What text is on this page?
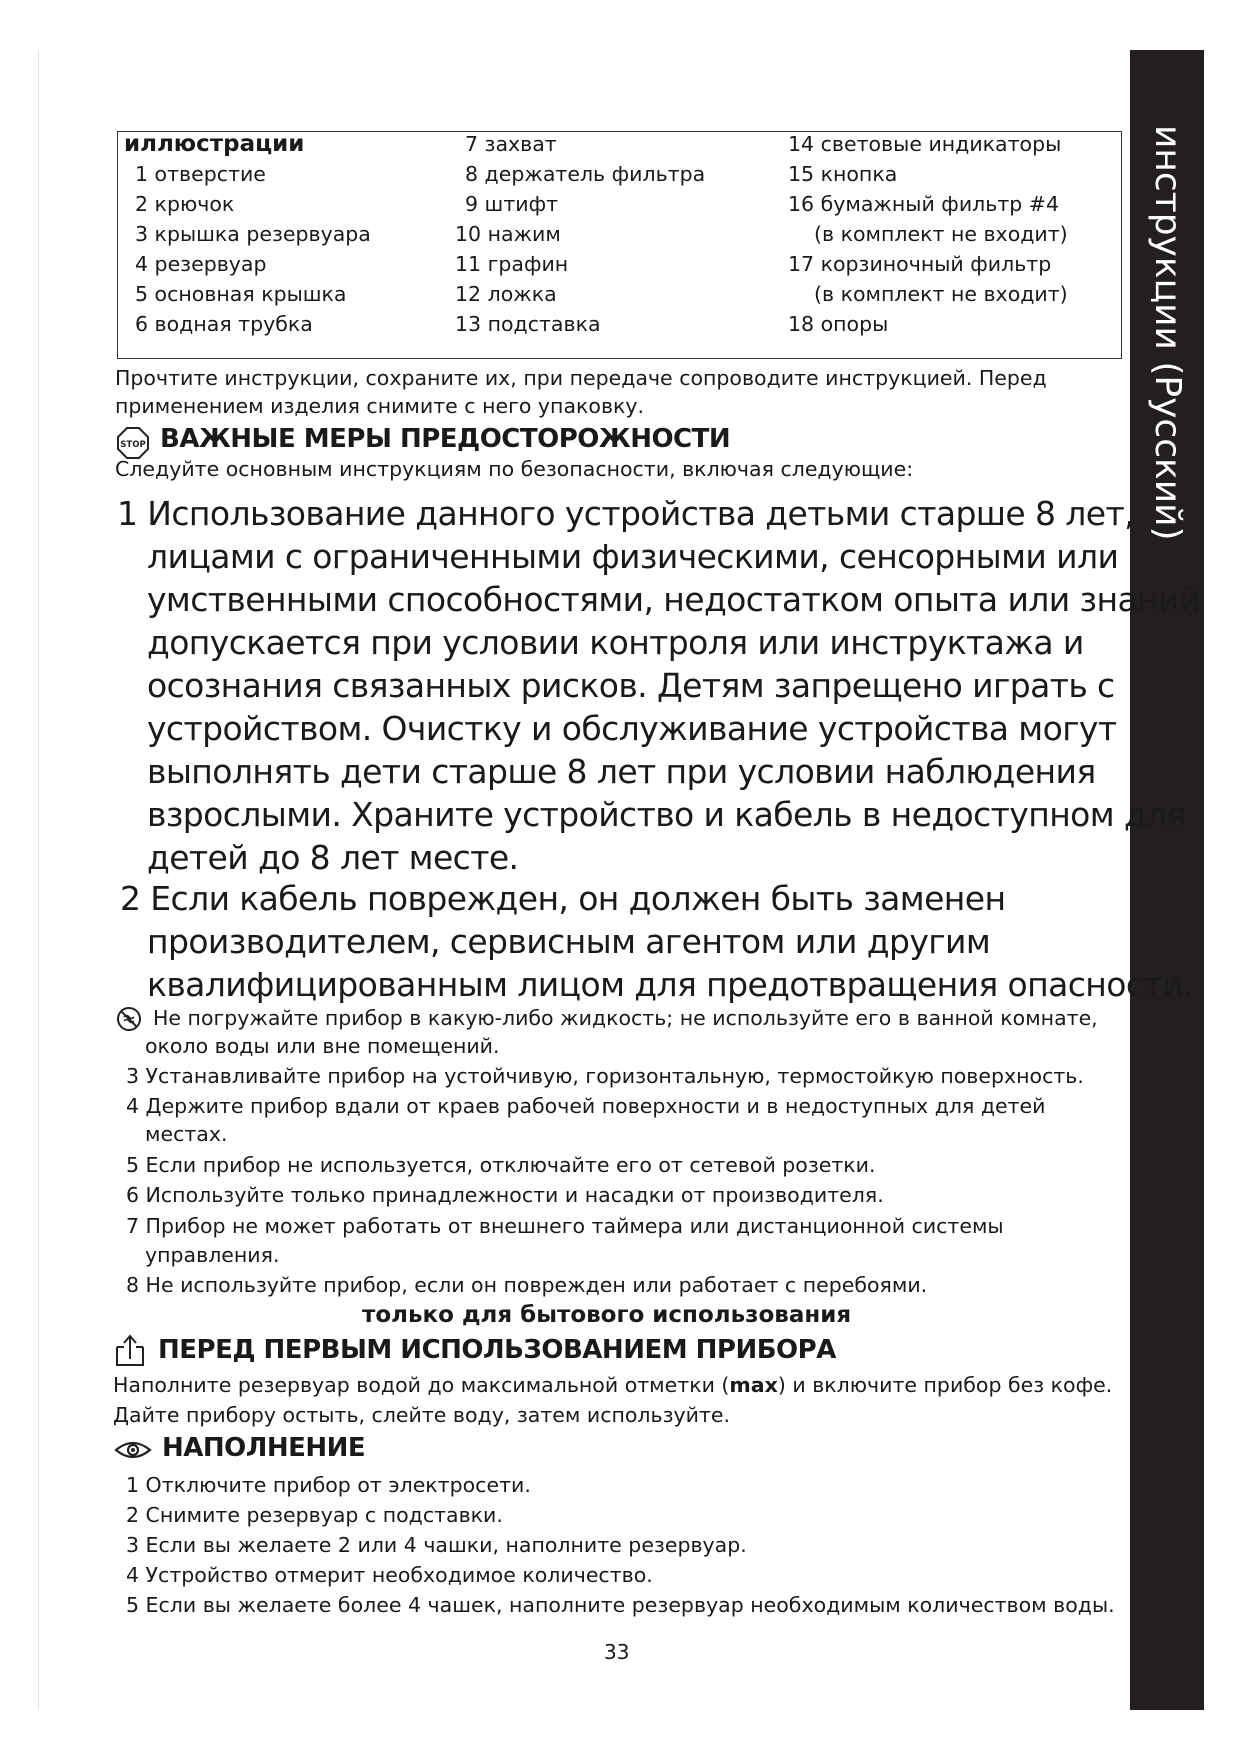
инструкции (Русский)
иллюстрации
1 отверстие
2 крючок
3 крышка резервуара
4 резервуар
5 основная крышка
6 водная трубка
7 захват
8 держатель фильтра
9 штифт
10 нажим
11 графин
12 ложка
13 подставка
14 световые индикаторы
15 кнопка
16 бумажный фильтр #4
(в комплект не входит)
17 корзиночный фильтр
(в комплект не входит)
18 опоры
Прочтите инструкции, сохраните их, при передаче сопроводите инструкцией. Перед
применением изделия снимите с него упаковку.
STOP ВАЖНЫЕ МЕРЫ ПРЕДОСТОРОЖНОСТИ
Следуйте основным инструкциям по безопасности, включая следующие:
1 Использование данного устройства детьми старше 8 лет,
лицами с ограниченными физическими, сенсорными или
умственными способностями, недостатком опыта или знаний
допускается при условии контроля или инструктажа и
осознания связанных рисков. Детям запрещено играть с
устройством. Очистку и обслуживание устройства могут
выполнять дети старше 8 лет при условии наблюдения
взрослыми. Храните устройство и кабель в недоступном для
детей до 8 лет месте.
2 Если кабель поврежден, он должен быть заменен
производителем, сервисным агентом или другим
квалифицированным лицом для предотвращения опасности.
Не погружайте прибор в какую-либо жидкость; не используйте его в ванной комнате,
около воды или вне помещений.
3 Устанавливайте прибор на устойчивую, горизонтальную, термостойкую поверхность.
4 Держите прибор вдали от краев рабочей поверхности и в недоступных для детей
местах.
5 Если прибор не используется, отключайте его от сетевой розетки.
6 Используйте только принадлежности и насадки от производителя.
7 Прибор не может работать от внешнего таймера или дистанционной системы
управления.
8 Не используйте прибор, если он поврежден или работает с перебоями.
только для бытового использования
ПЕРЕД ПЕРВЫМ ИСПОЛЬЗОВАНИЕМ ПРИБОРА
Наполните резервуар водой до максимальной отметки (max) и включите прибор без кофе.
Дайте прибору остыть, слейте воду, затем используйте.
НАПОЛНЕНИЕ
1 Отключите прибор от электросети.
2 Снимите резервуар с подставки.
3 Если вы желаете 2 или 4 чашки, наполните резервуар.
4 Устройство отмерит необходимое количество.
5 Если вы желаете более 4 чашек, наполните резервуар необходимым количеством воды.
33
